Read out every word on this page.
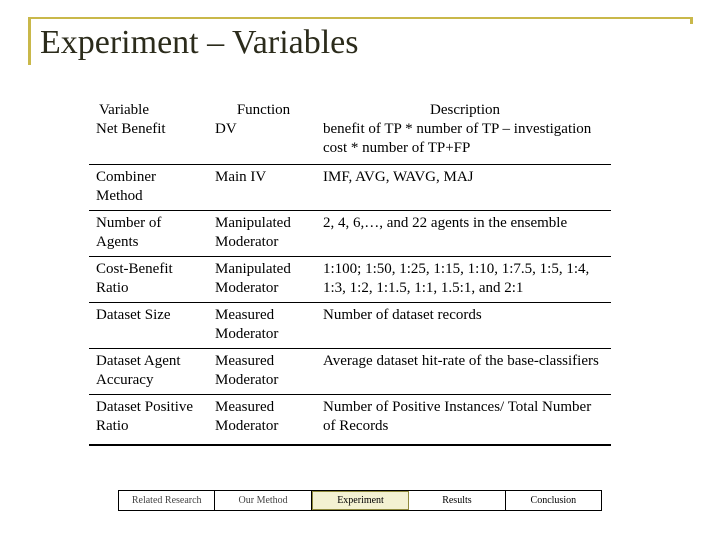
Experiment – Variables
Variable	Function	Description
Net Benefit	DV	benefit of TP * number of TP – investigation cost * number of TP+FP
Combiner Method	Main IV	IMF, AVG, WAVG, MAJ
Number of Agents	Manipulated Moderator	2, 4, 6,…, and 22 agents in the ensemble
Cost-Benefit Ratio	Manipulated Moderator	1:100; 1:50, 1:25, 1:15, 1:10, 1:7.5, 1:5, 1:4, 1:3, 1:2, 1:1.5, 1:1, 1.5:1, and 2:1
Dataset Size	Measured Moderator	Number of dataset records
Dataset Agent Accuracy	Measured Moderator	Average dataset hit-rate of the base-classifiers
Dataset Positive Ratio	Measured Moderator	Number of Positive Instances/ Total Number of Records
Related Research	Our Method	Experiment	Results	Conclusion
